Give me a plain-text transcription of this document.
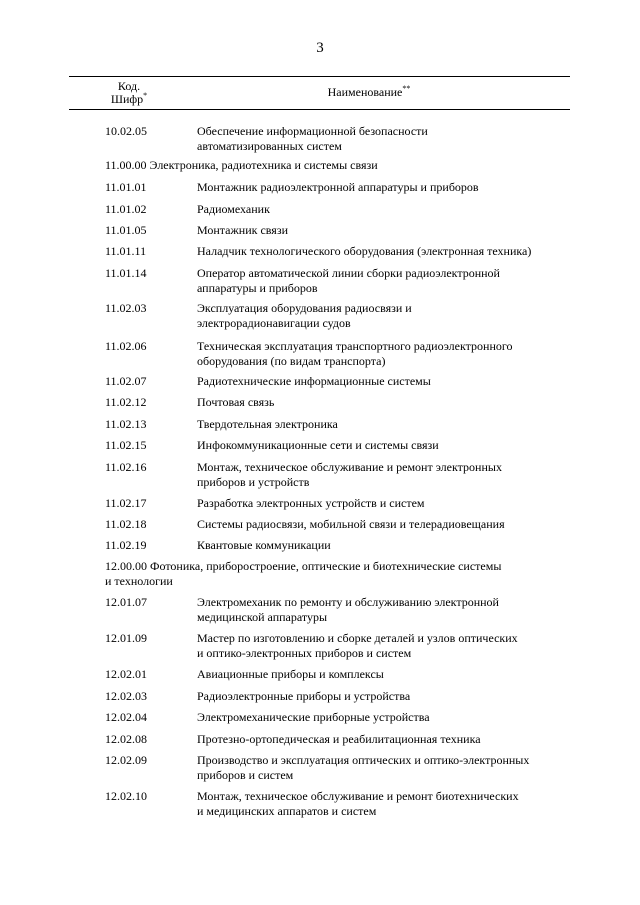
3
Код.
Шифр*	Наименование**
10.02.05	Обеспечение информационной безопасности
автоматизированных систем
11.00.00 Электроника, радиотехника и системы связи
11.01.01	Монтажник радиоэлектронной аппаратуры и приборов
11.01.02	Радиомеханик
11.01.05	Монтажник связи
11.01.11	Наладчик технологического оборудования (электронная техника)
11.01.14	Оператор автоматической линии сборки радиоэлектронной
аппаратуры и приборов
11.02.03	Эксплуатация оборудования радиосвязи и
электрорадионавигации судов
11.02.06	Техническая эксплуатация транспортного радиоэлектронного
оборудования (по видам транспорта)
11.02.07	Радиотехнические информационные системы
11.02.12	Почтовая связь
11.02.13	Твердотельная электроника
11.02.15	Инфокоммуникационные сети и системы связи
11.02.16	Монтаж, техническое обслуживание и ремонт электронных
приборов и устройств
11.02.17	Разработка электронных устройств и систем
11.02.18	Системы радиосвязи, мобильной связи и телерадиовещания
11.02.19	Квантовые коммуникации
12.00.00 Фотоника, приборостроение, оптические и биотехнические системы
и технологии
12.01.07	Электромеханик по ремонту и обслуживанию электронной
медицинской аппаратуры
12.01.09	Мастер по изготовлению и сборке деталей и узлов оптических
и оптико-электронных приборов и систем
12.02.01	Авиационные приборы и комплексы
12.02.03	Радиоэлектронные приборы и устройства
12.02.04	Электромеханические приборные устройства
12.02.08	Протезно-ортопедическая и реабилитационная техника
12.02.09	Производство и эксплуатация оптических и оптико-электронных
приборов и систем
12.02.10	Монтаж, техническое обслуживание и ремонт биотехнических
и медицинских аппаратов и систем
